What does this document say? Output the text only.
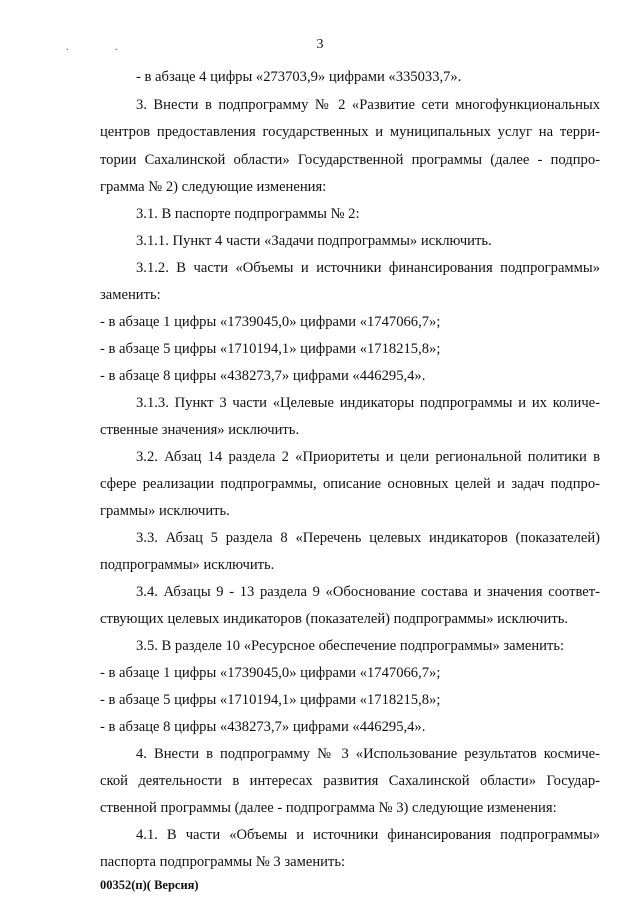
. .	3
- в абзаце 4 цифры «273703,9» цифрами «335033,7».
3. Внести в подпрограмму № 2 «Развитие сети многофункциональных
центров предоставления государственных и муниципальных услуг на терри-
тории Сахалинской области» Государственной программы (далее - подпро-
грамма № 2) следующие изменения:
3.1. В паспорте подпрограммы № 2:
3.1.1. Пункт 4 части «Задачи подпрограммы» исключить.
3.1.2. В части «Объемы и источники финансирования подпрограммы»
заменить:
- в абзаце 1 цифры «1739045,0» цифрами «1747066,7»;
- в абзаце 5 цифры «1710194,1» цифрами «1718215,8»;
- в абзаце 8 цифры «438273,7» цифрами «446295,4».
3.1.3. Пункт 3 части «Целевые индикаторы подпрограммы и их количе-
ственные значения» исключить.
3.2. Абзац 14 раздела 2 «Приоритеты и цели региональной политики в
сфере реализации подпрограммы, описание основных целей и задач подпро-
граммы» исключить.
3.3. Абзац 5 раздела 8 «Перечень целевых индикаторов (показателей)
подпрограммы» исключить.
3.4. Абзацы 9 - 13 раздела 9 «Обоснование состава и значения соответ-
ствующих целевых индикаторов (показателей) подпрограммы» исключить.
3.5. В разделе 10 «Ресурсное обеспечение подпрограммы» заменить:
- в абзаце 1 цифры «1739045,0» цифрами «1747066,7»;
- в абзаце 5 цифры «1710194,1» цифрами «1718215,8»;
- в абзаце 8 цифры «438273,7» цифрами «446295,4».
4. Внести в подпрограмму № 3 «Использование результатов космиче-
ской деятельности в интересах развития Сахалинской области» Государ-
ственной программы (далее - подпрограмма № 3) следующие изменения:
4.1. В части «Объемы и источники финансирования подпрограммы»
паспорта подпрограммы № 3 заменить:
00352(п)( Версия)
